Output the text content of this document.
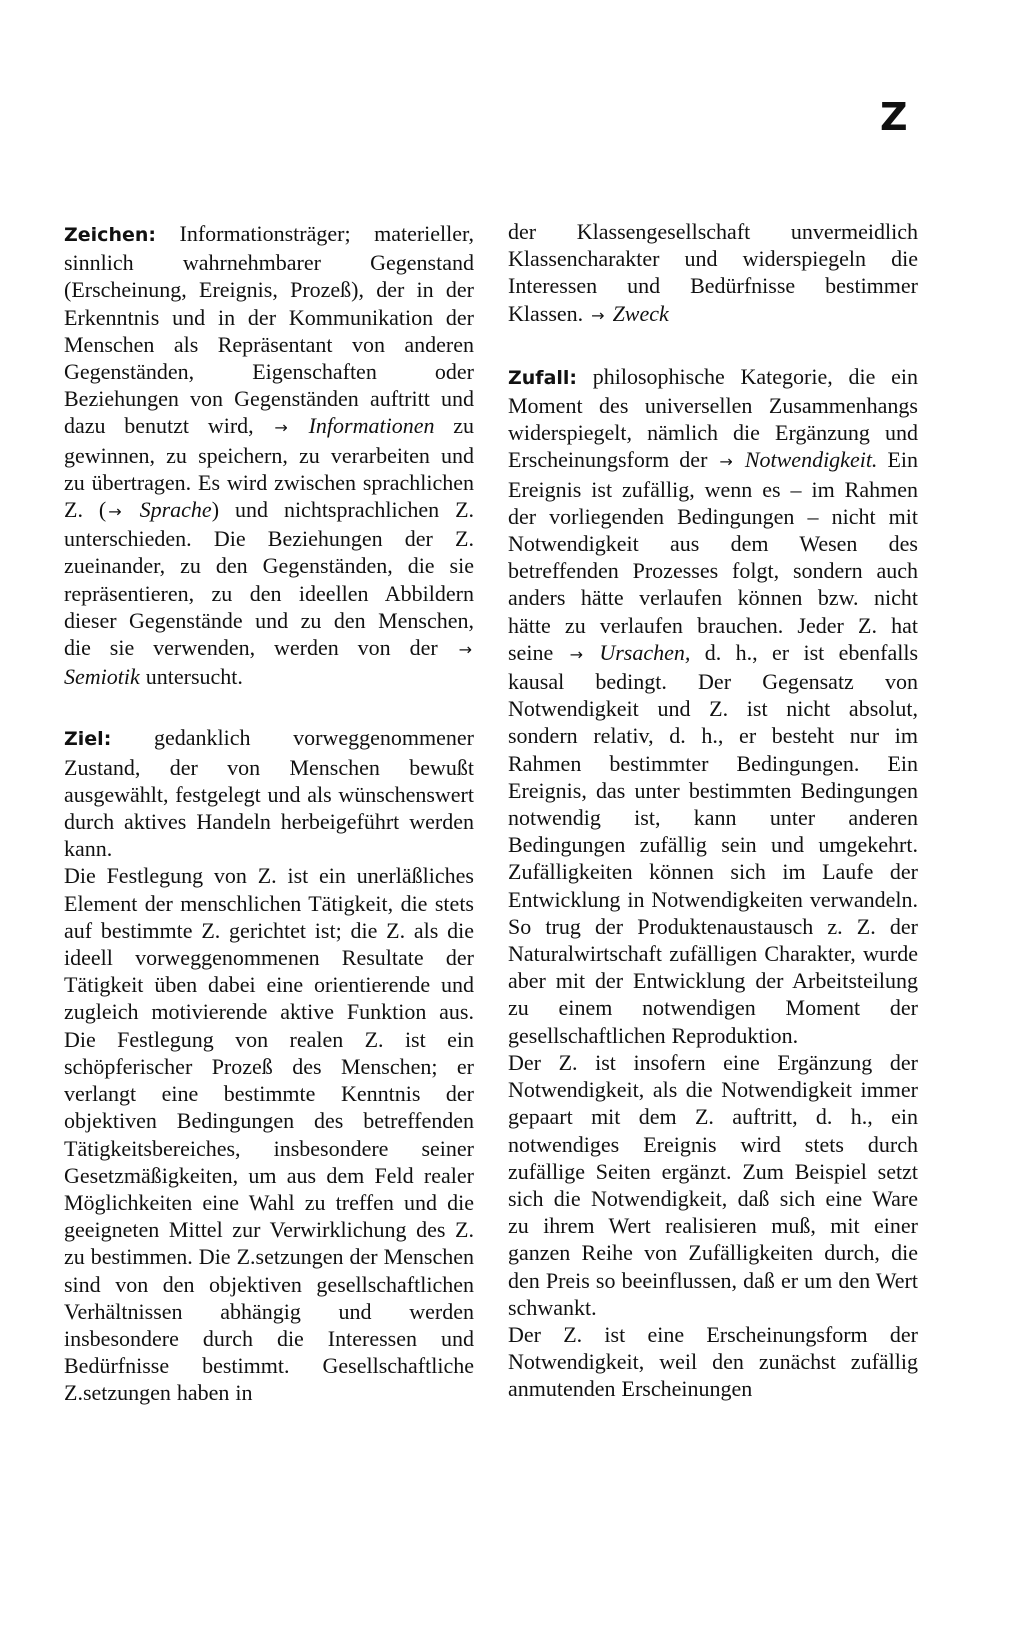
Z

Zeichen: Informationsträger; materieller, sinnlich wahrnehmbarer Gegenstand (Erscheinung, Ereignis, Prozeß), der in der Erkenntnis und in der Kommunikation der Menschen als Repräsentant von anderen Gegenständen, Eigenschaften oder Beziehungen von Gegenständen auftritt und dazu benutzt wird, → Informationen zu gewinnen, zu speichern, zu verarbeiten und zu übertragen. Es wird zwischen sprachlichen Z. ( → Sprache) und nichtsprachlichen Z. unterschieden. Die Beziehungen der Z. zueinander, zu den Gegenständen, die sie repräsentieren, zu den ideellen Abbildern dieser Gegenstände und zu den Menschen, die sie verwenden, werden von der → Semiotik untersucht.

Ziel: gedanklich vorweggenommener Zustand, der von Menschen bewußt ausgewählt, festgelegt und als wünschenswert durch aktives Handeln herbeigeführt werden kann.

Die Festlegung von Z. ist ein unerläßliches Element der menschlichen Tätigkeit, die stets auf bestimmte Z. gerichtet ist; die Z. als die ideell vorweggenommenen Resultate der Tätigkeit üben dabei eine orientierende und zugleich motivierende aktive Funktion aus. Die Festlegung von realen Z. ist ein schöpferischer Prozeß des Menschen; er verlangt eine bestimmte Kenntnis der objektiven Bedingungen des betreffenden Tätigkeitsbereiches, insbesondere seiner Gesetzmäßigkeiten, um aus dem Feld realer Möglichkeiten eine Wahl zu treffen und die geeigneten Mittel zur Verwirklichung des Z. zu bestimmen. Die Z.setzungen der Menschen sind von den objektiven gesellschaftlichen Verhältnissen abhängig und werden insbesondere durch die Interessen und Bedürfnisse bestimmt. Gesellschaftliche Z.setzungen haben in

der Klassengesellschaft unvermeidlich Klassencharakter und widerspiegeln die Interessen und Bedürfnisse bestimmer Klassen. → Zweck

Zufall: philosophische Kategorie, die ein Moment des universellen Zusammenhangs widerspiegelt, nämlich die Ergänzung und Erscheinungsform der → Notwendigkeit. Ein Ereignis ist zufällig, wenn es – im Rahmen der vorliegenden Bedingungen – nicht mit Notwendigkeit aus dem Wesen des betreffenden Prozesses folgt, sondern auch anders hätte verlaufen können bzw. nicht hätte zu verlaufen brauchen. Jeder Z. hat seine → Ursachen, d. h., er ist ebenfalls kausal bedingt. Der Gegensatz von Notwendigkeit und Z. ist nicht absolut, sondern relativ, d. h., er besteht nur im Rahmen bestimmter Bedingungen. Ein Ereignis, das unter bestimmten Bedingungen notwendig ist, kann unter anderen Bedingungen zufällig sein und umgekehrt. Zufälligkeiten können sich im Laufe der Entwicklung in Notwendigkeiten verwandeln. So trug der Produktenaustausch z. Z. der Naturalwirtschaft zufälligen Charakter, wurde aber mit der Entwicklung der Arbeitsteilung zu einem notwendigen Moment der gesellschaftlichen Reproduktion.

Der Z. ist insofern eine Ergänzung der Notwendigkeit, als die Notwendigkeit immer gepaart mit dem Z. auftritt, d. h., ein notwendiges Ereignis wird stets durch zufällige Seiten ergänzt. Zum Beispiel setzt sich die Notwendigkeit, daß sich eine Ware zu ihrem Wert realisieren muß, mit einer ganzen Reihe von Zufälligkeiten durch, die den Preis so beeinflussen, daß er um den Wert schwankt.

Der Z. ist eine Erscheinungsform der Notwendigkeit, weil den zunächst zufällig anmutenden Erscheinungen
